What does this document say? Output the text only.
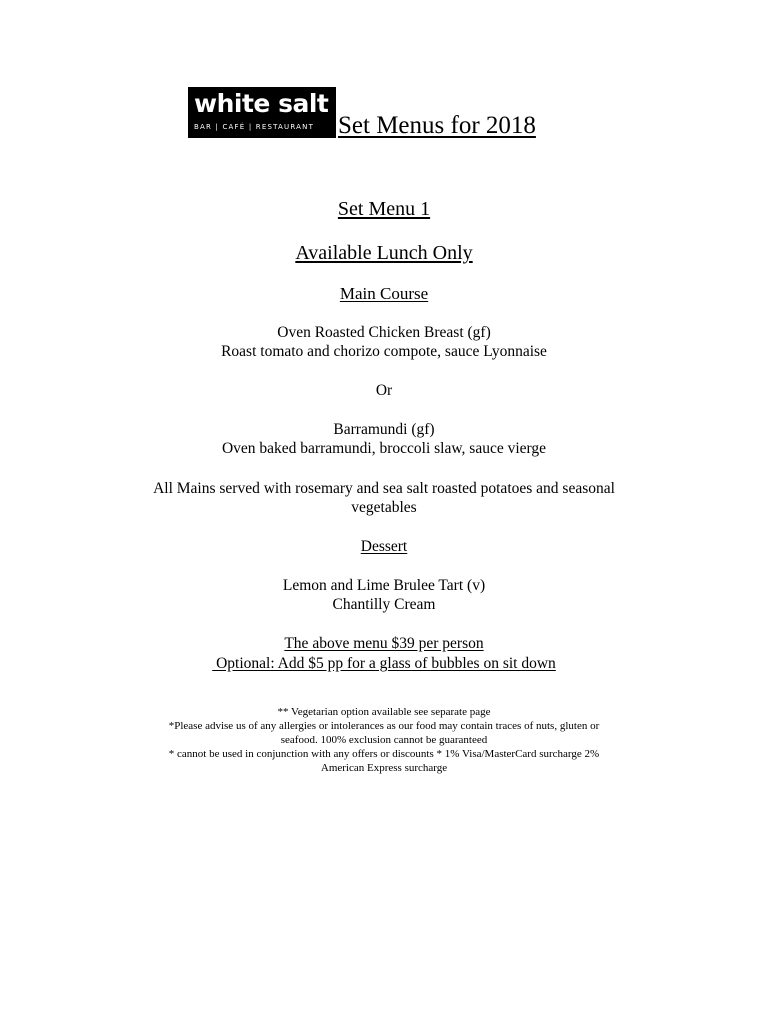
white salt
BAR | CAFÉ | RESTAURANT Set Menus for 2018
Set Menu 1
Available Lunch Only
Main Course
Oven Roasted Chicken Breast (gf)
Roast tomato and chorizo compote, sauce Lyonnaise
Or
Barramundi (gf)
Oven baked barramundi, broccoli slaw, sauce vierge
All Mains served with rosemary and sea salt roasted potatoes and seasonal
vegetables
Dessert
Lemon and Lime Brulee Tart (v)
Chantilly Cream
The above menu $39 per person
Optional: Add $5 pp for a glass of bubbles on sit down
** Vegetarian option available see separate page
*Please advise us of any allergies or intolerances as our food may contain traces of nuts, gluten or
seafood. 100% exclusion cannot be guaranteed
* cannot be used in conjunction with any offers or discounts * 1% Visa/MasterCard surcharge 2%
American Express surcharge
